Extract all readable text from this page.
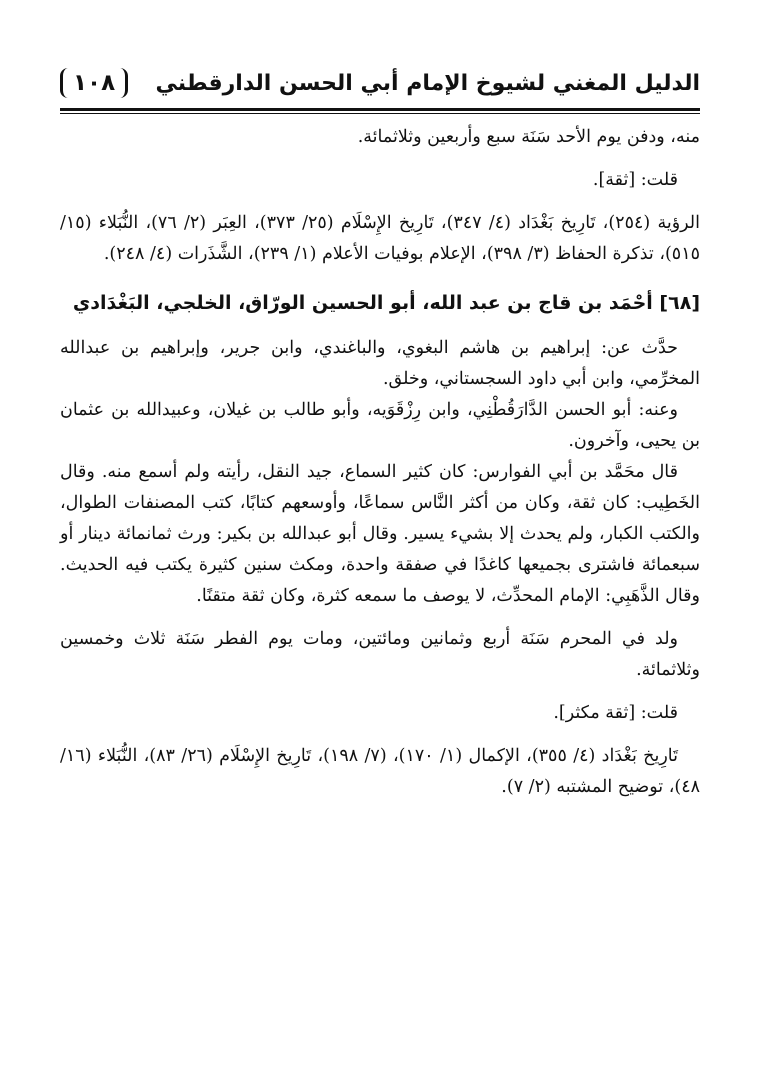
الدليل المغني لشيوخ الإمام أبي الحسن الدارقطني
١٠٨

منه، ودفن يوم الأحد سَنَة سبع وأربعين وثلاثمائة.

قلت: [ثقة].

الرؤية (٢٥٤)، تَارِيخ بَغْدَاد (٤/ ٣٤٧)، تَارِيخ الإِسْلَام (٢٥/ ٣٧٣)، العِبَر (٢/ ٧٦)، النُّبَلاء (١٥/ ٥١٥)، تذكرة الحفاظ (٣/ ٣٩٨)، الإعلام بوفيات الأعلام (١/ ٢٣٩)، الشَّذَرات (٤/ ٢٤٨).

[٦٨] أحْمَد بن قاج بن عبد الله، أبو الحسين الورّاق، الخلجي، البَغْدَادي

حدَّث عن: إبراهيم بن هاشم البغوي، والباغندي، وابن جرير، وإبراهيم بن عبدالله المخرِّمي، وابن أبي داود السجستاني، وخلق.

وعنه: أبو الحسن الدَّارَقُطْنِي، وابن رِزْقَوَيه، وأبو طالب بن غيلان، وعبيدالله بن عثمان بن يحيى، وآخرون.

قال محَمَّد بن أبي الفوارس: كان كثير السماع، جيد النقل، رأيته ولم أسمع منه. وقال الخَطِيب: كان ثقة، وكان من أكثر النَّاس سماعًا، وأوسعهم كتابًا، كتب المصنفات الطوال، والكتب الكبار، ولم يحدث إلا بشيء يسير. وقال أبو عبدالله بن بكير: ورث ثمانمائة دينار أو سبعمائة فاشترى بجميعها كاغدًا في صفقة واحدة، ومكث سنين كثيرة يكتب فيه الحديث. وقال الذَّهَبِي: الإمام المحدِّث، لا يوصف ما سمعه كثرة، وكان ثقة متقنًا.

ولد في المحرم سَنَة أربع وثمانين ومائتين، ومات يوم الفطر سَنَة ثلاث وخمسين وثلاثمائة.

قلت: [ثقة مكثر].

تَارِيخ بَغْدَاد (٤/ ٣٥٥)، الإكمال (١/ ١٧٠)، (٧/ ١٩٨)، تَارِيخ الإِسْلَام (٢٦/ ٨٣)، النُّبَلاء (١٦/ ٤٨)، توضيح المشتبه (٢/ ٧).
